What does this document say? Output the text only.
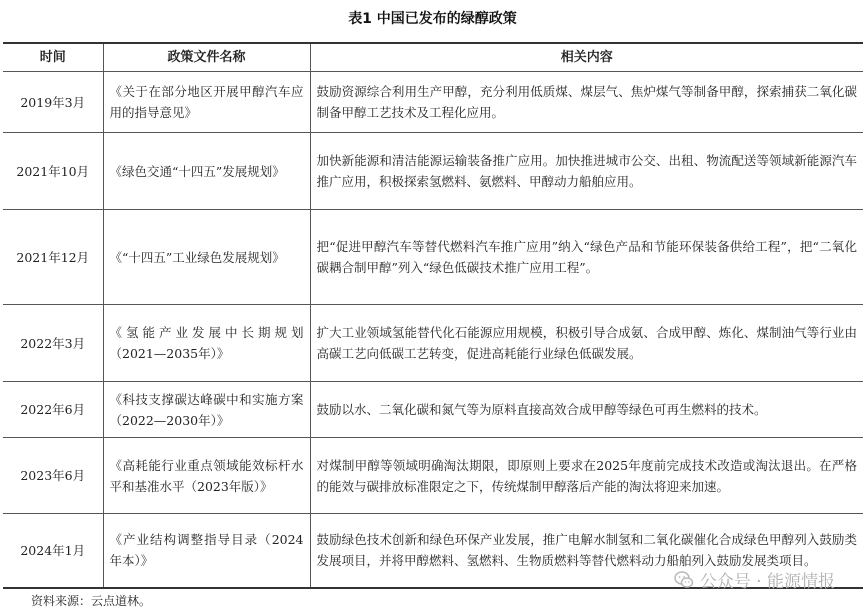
表1 中国已发布的绿醇政策
时间	政策文件名称	相关内容
2019年3月	《关于在部分地区开展甲醇汽车应用的指导意见》	鼓励资源综合利用生产甲醇，充分利用低质煤、煤层气、焦炉煤气等制备甲醇，探索捕获二氧化碳制备甲醇工艺技术及工程化应用。
2021年10月	《绿色交通“十四五”发展规划》	加快新能源和清洁能源运输装备推广应用。加快推进城市公交、出租、物流配送等领域新能源汽车推广应用，积极探索氢燃料、氨燃料、甲醇动力船舶应用。
2021年12月	《“十四五”工业绿色发展规划》	把“促进甲醇汽车等替代燃料汽车推广应用”纳入“绿色产品和节能环保装备供给工程”，把“二氧化碳耦合制甲醇”列入“绿色低碳技术推广应用工程”。
2022年3月	《氢能产业发展中长期规划（2021—2035年）》	扩大工业领域氢能替代化石能源应用规模，积极引导合成氨、合成甲醇、炼化、煤制油气等行业由高碳工艺向低碳工艺转变，促进高耗能行业绿色低碳发展。
2022年6月	《科技支撑碳达峰碳中和实施方案（2022—2030年）》	鼓励以水、二氧化碳和氮气等为原料直接高效合成甲醇等绿色可再生燃料的技术。
2023年6月	《高耗能行业重点领域能效标杆水平和基准水平（2023年版）》	对煤制甲醇等领域明确淘汰期限，即原则上要求在2025年度前完成技术改造或淘汰退出。在严格的能效与碳排放标准限定之下，传统煤制甲醇落后产能的淘汰将迎来加速。
2024年1月	《产业结构调整指导目录（2024年本）》	鼓励绿色技术创新和绿色环保产业发展，推广电解水制氢和二氧化碳催化合成绿色甲醇列入鼓励类发展项目，并将甲醇燃料、氢燃料、生物质燃料等替代燃料动力船舶列入鼓励发展类项目。
资料来源：云点道林。
公众号 · 能源情报
